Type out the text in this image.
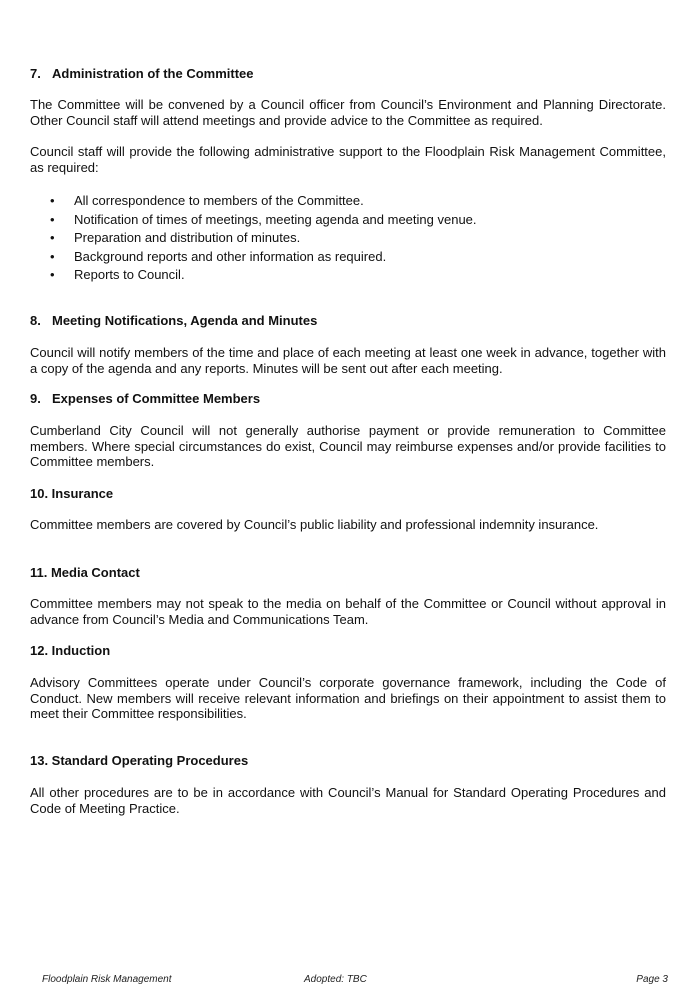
7. Administration of the Committee

The Committee will be convened by a Council officer from Council’s Environment and Planning Directorate. Other Council staff will attend meetings and provide advice to the Committee as required.

Council staff will provide the following administrative support to the Floodplain Risk Management Committee, as required:

• All correspondence to members of the Committee.
• Notification of times of meetings, meeting agenda and meeting venue.
• Preparation and distribution of minutes.
• Background reports and other information as required.
• Reports to Council.
8. Meeting Notifications, Agenda and Minutes

Council will notify members of the time and place of each meeting at least one week in advance, together with a copy of the agenda and any reports. Minutes will be sent out after each meeting.

9. Expenses of Committee Members

Cumberland City Council will not generally authorise payment or provide remuneration to Committee members. Where special circumstances do exist, Council may reimburse expenses and/or provide facilities to Committee members.

10. Insurance

Committee members are covered by Council’s public liability and professional indemnity insurance.

11. Media Contact

Committee members may not speak to the media on behalf of the Committee or Council without approval in advance from Council’s Media and Communications Team.

12. Induction

Advisory Committees operate under Council’s corporate governance framework, including the Code of Conduct. New members will receive relevant information and briefings on their appointment to assist them to meet their Committee responsibilities.

13. Standard Operating Procedures

All other procedures are to be in accordance with Council’s Manual for Standard Operating Procedures and Code of Meeting Practice.

Floodplain Risk Management	Adopted: TBC	Page 3
